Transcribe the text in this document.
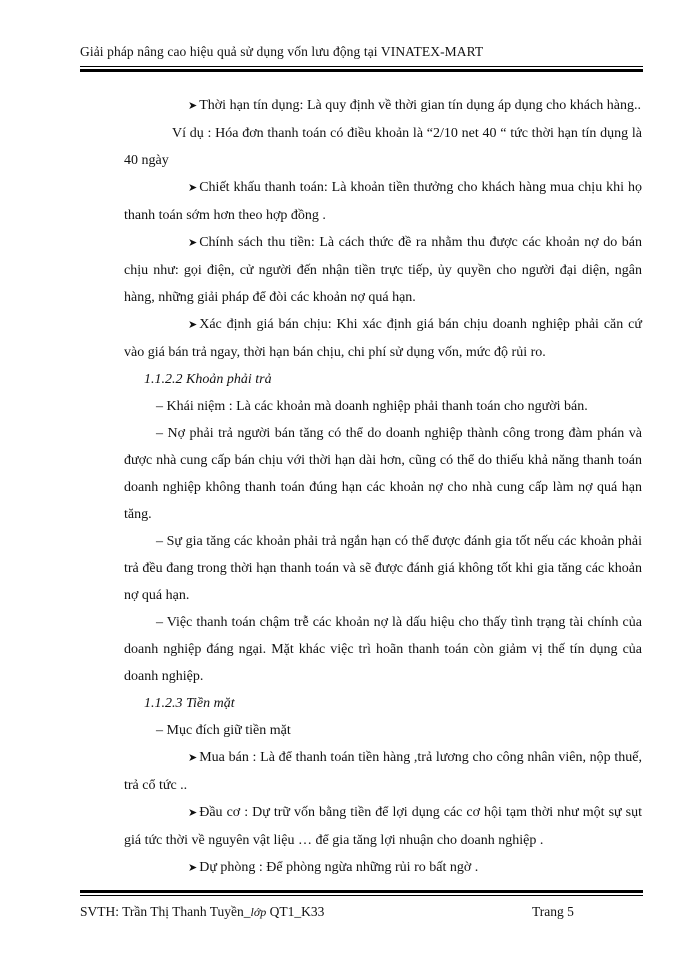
Giải pháp nâng cao hiệu quả sử dụng vốn lưu động tại VINATEX-MART

➤ Thời hạn tín dụng: Là quy định về thời gian tín dụng áp dụng cho khách hàng..

Ví dụ : Hóa đơn thanh toán có điều khoản là “2/10 net 40 “ tức thời hạn tín dụng là 40 ngày

➤ Chiết khấu thanh toán: Là khoản tiền thưởng cho khách hàng mua chịu khi họ thanh toán sớm hơn theo hợp đồng .

➤ Chính sách thu tiền: Là cách thức đề ra nhằm thu được các khoản nợ do bán chịu như: gọi điện, cử người đến nhận tiền trực tiếp, ủy quyền cho người đại diện, ngân hàng, những giải pháp để đòi các khoản nợ quá hạn.

➤ Xác định giá bán chịu: Khi xác định giá bán chịu doanh nghiệp phải căn cứ vào giá bán trả ngay, thời hạn bán chịu, chi phí sử dụng vốn, mức độ rủi ro.

1.1.2.2 Khoản phải trả

– Khái niệm : Là các khoản mà doanh nghiệp phải thanh toán cho người bán.

– Nợ phải trả người bán tăng có thể do doanh nghiệp thành công trong đàm phán và được nhà cung cấp bán chịu với thời hạn dài hơn, cũng có thể do thiếu khả năng thanh toán doanh nghiệp không thanh toán đúng hạn các khoản nợ cho nhà cung cấp làm nợ quá hạn tăng.

– Sự gia tăng các khoản phải trả ngắn hạn có thể được đánh gia tốt nếu các khoản phải trả đều đang trong thời hạn thanh toán và sẽ được đánh giá không tốt khi gia tăng các khoản nợ quá hạn.

– Việc thanh toán chậm trễ các khoản nợ là dấu hiệu cho thấy tình trạng tài chính của doanh nghiệp đáng ngại. Mặt khác việc trì hoãn thanh toán còn giảm vị thế tín dụng của doanh nghiệp.

1.1.2.3 Tiền mặt

– Mục đích giữ tiền mặt

➤ Mua bán : Là để thanh toán tiền hàng ,trả lương cho công nhân viên, nộp thuế, trả cổ tức ..

➤ Đầu cơ : Dự trữ vốn bằng tiền để lợi dụng các cơ hội tạm thời như một sự sụt giá tức thời về nguyên vật liệu … để gia tăng lợi nhuận cho doanh nghiệp .

➤ Dự phòng : Để phòng ngừa những rủi ro bất ngờ .

SVTH: Trần Thị Thanh Tuyền_lớp QT1_K33	Trang 5
